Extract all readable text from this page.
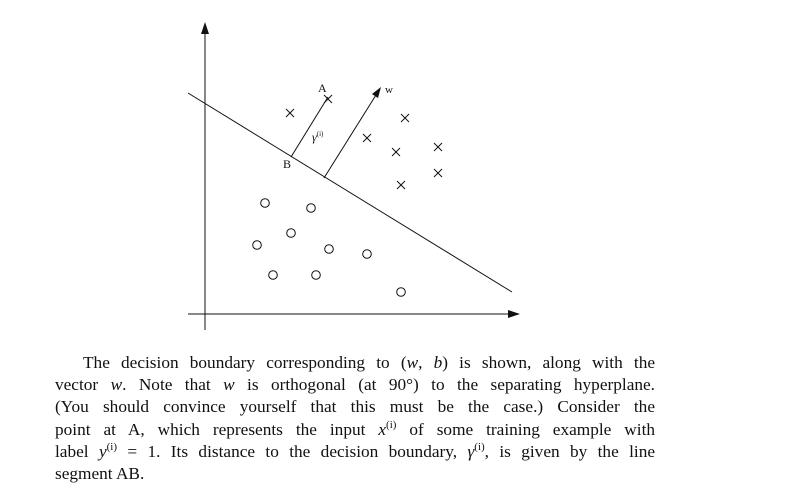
A
B
w
$\gamma^{(i)}$
The decision boundary corresponding to (w, b) is shown, along with the
vector w. Note that w is orthogonal (at 90°) to the separating hyperplane.
(You should convince yourself that this must be the case.) Consider the
point at A, which represents the input $x^{(i)}$ of some training example with
label $y^{(i)} = 1$. Its distance to the decision boundary, $\gamma^{(i)}$, is given by the line
segment AB.
